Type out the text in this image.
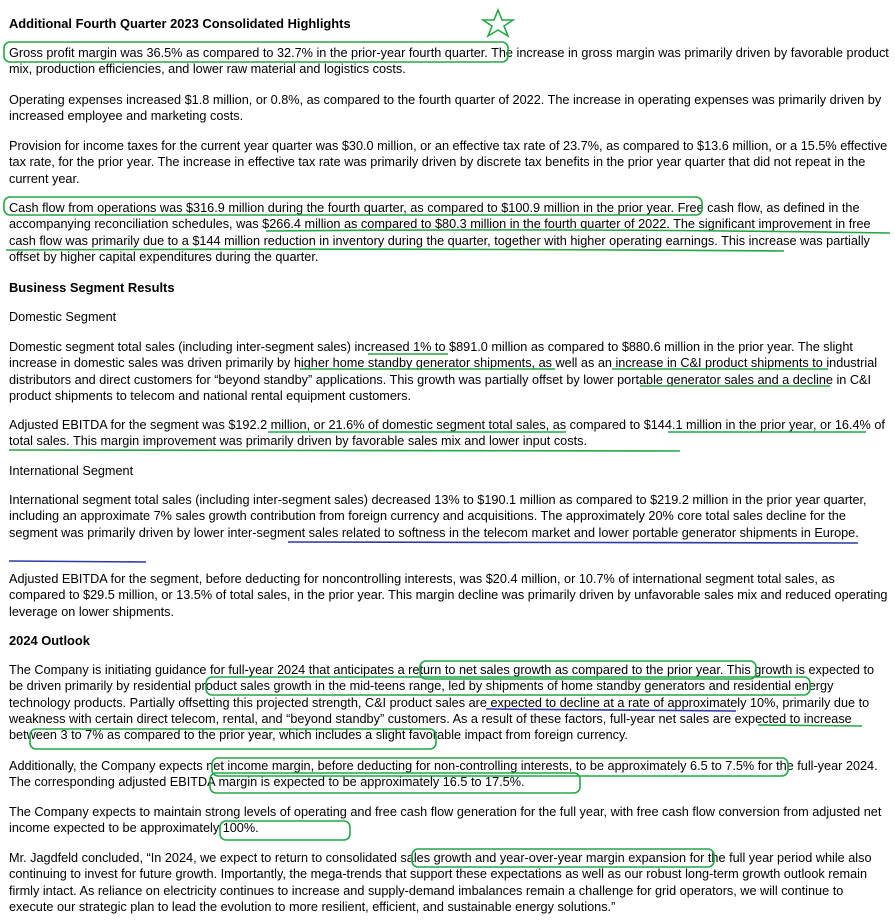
Additional Fourth Quarter 2023 Consolidated Highlights

Gross profit margin was 36.5% as compared to 32.7% in the prior-year fourth quarter. The increase in gross margin was primarily driven by favorable product mix, production efficiencies, and lower raw material and logistics costs.

Operating expenses increased $1.8 million, or 0.8%, as compared to the fourth quarter of 2022. The increase in operating expenses was primarily driven by increased employee and marketing costs.

Provision for income taxes for the current year quarter was $30.0 million, or an effective tax rate of 23.7%, as compared to $13.6 million, or a 15.5% effective tax rate, for the prior year. The increase in effective tax rate was primarily driven by discrete tax benefits in the prior year quarter that did not repeat in the current year.

Cash flow from operations was $316.9 million during the fourth quarter, as compared to $100.9 million in the prior year. Free cash flow, as defined in the accompanying reconciliation schedules, was $266.4 million as compared to $80.3 million in the fourth quarter of 2022. The significant improvement in free cash flow was primarily due to a $144 million reduction in inventory during the quarter, together with higher operating earnings. This increase was partially offset by higher capital expenditures during the quarter.

Business Segment Results

Domestic Segment

Domestic segment total sales (including inter-segment sales) increased 1% to $891.0 million as compared to $880.6 million in the prior year. The slight increase in domestic sales was driven primarily by higher home standby generator shipments, as well as an increase in C&I product shipments to industrial distributors and direct customers for “beyond standby” applications. This growth was partially offset by lower portable generator sales and a decline in C&I product shipments to telecom and national rental equipment customers.

Adjusted EBITDA for the segment was $192.2 million, or 21.6% of domestic segment total sales, as compared to $144.1 million in the prior year, or 16.4% of total sales. This margin improvement was primarily driven by favorable sales mix and lower input costs.

International Segment

International segment total sales (including inter-segment sales) decreased 13% to $190.1 million as compared to $219.2 million in the prior year quarter, including an approximate 7% sales growth contribution from foreign currency and acquisitions. The approximately 20% core total sales decline for the segment was primarily driven by lower inter-segment sales related to softness in the telecom market and lower portable generator shipments in Europe.

Adjusted EBITDA for the segment, before deducting for noncontrolling interests, was $20.4 million, or 10.7% of international segment total sales, as compared to $29.5 million, or 13.5% of total sales, in the prior year. This margin decline was primarily driven by unfavorable sales mix and reduced operating leverage on lower shipments.

2024 Outlook

The Company is initiating guidance for full-year 2024 that anticipates a return to net sales growth as compared to the prior year. This growth is expected to be driven primarily by residential product sales growth in the mid-teens range, led by shipments of home standby generators and residential energy technology products. Partially offsetting this projected strength, C&I product sales are expected to decline at a rate of approximately 10%, primarily due to weakness with certain direct telecom, rental, and “beyond standby” customers. As a result of these factors, full-year net sales are expected to increase between 3 to 7% as compared to the prior year, which includes a slight favorable impact from foreign currency.

Additionally, the Company expects net income margin, before deducting for non-controlling interests, to be approximately 6.5 to 7.5% for the full-year 2024. The corresponding adjusted EBITDA margin is expected to be approximately 16.5 to 17.5%.

The Company expects to maintain strong levels of operating and free cash flow generation for the full year, with free cash flow conversion from adjusted net income expected to be approximately 100%.

Mr. Jagdfeld concluded, “In 2024, we expect to return to consolidated sales growth and year-over-year margin expansion for the full year period while also continuing to invest for future growth. Importantly, the mega-trends that support these expectations as well as our robust long-term growth outlook remain firmly intact. As reliance on electricity continues to increase and supply-demand imbalances remain a challenge for grid operators, we will continue to execute our strategic plan to lead the evolution to more resilient, efficient, and sustainable energy solutions.”
